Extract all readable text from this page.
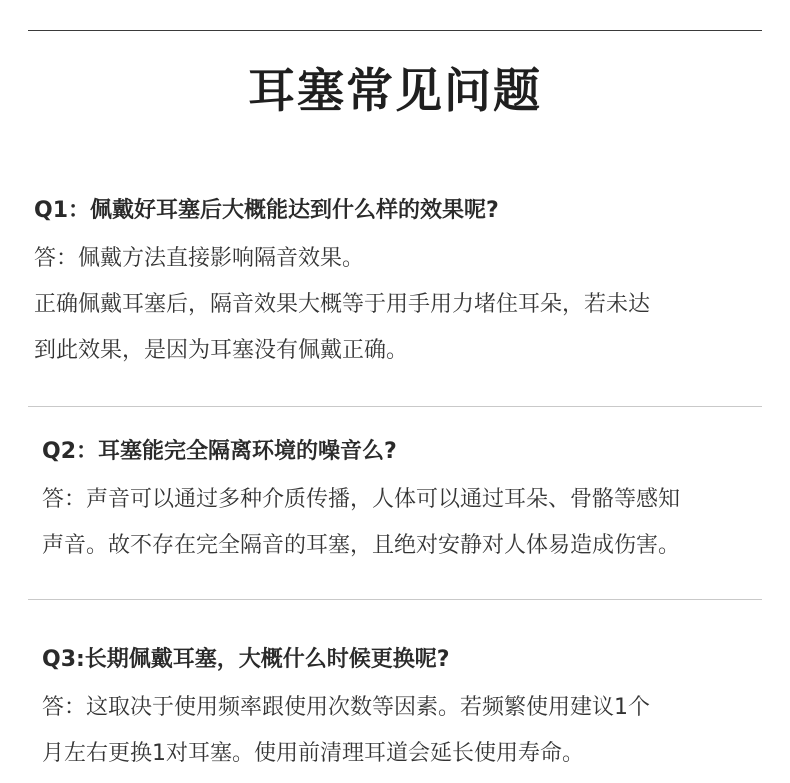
耳塞常见问题

Q1：佩戴好耳塞后大概能达到什么样的效果呢?

答：佩戴方法直接影响隔音效果。
正确佩戴耳塞后，隔音效果大概等于用手用力堵住耳朵，若未达
到此效果，是因为耳塞没有佩戴正确。

Q2：耳塞能完全隔离环境的噪音么?

答：声音可以通过多种介质传播，人体可以通过耳朵、骨骼等感知
声音。故不存在完全隔音的耳塞，且绝对安静对人体易造成伤害。

Q3:长期佩戴耳塞，大概什么时候更换呢?

答：这取决于使用频率跟使用次数等因素。若频繁使用建议1个
月左右更换1对耳塞。使用前清理耳道会延长使用寿命。
